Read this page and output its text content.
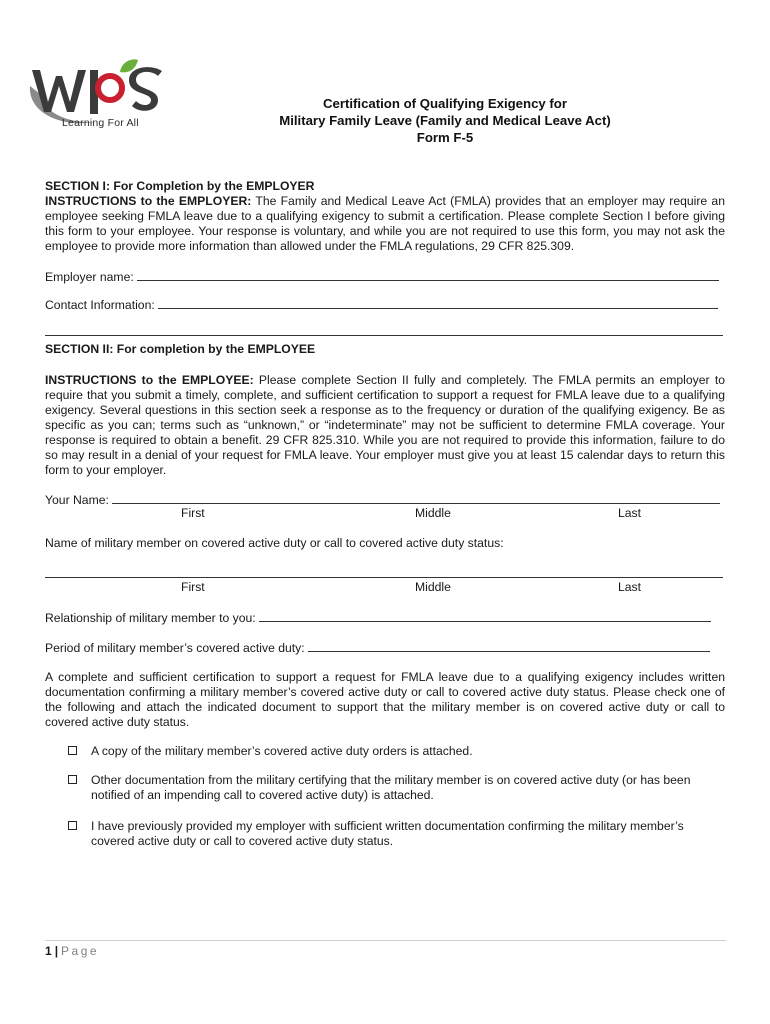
Learning For All
Certification of Qualifying Exigency for
Military Family Leave (Family and Medical Leave Act)
Form F-5

SECTION I: For Completion by the EMPLOYER

INSTRUCTIONS to the EMPLOYER: The Family and Medical Leave Act (FMLA) provides that an employer may require an employee seeking FMLA leave due to a qualifying exigency to submit a certification. Please complete Section I before giving this form to your employee. Your response is voluntary, and while you are not required to use this form, you may not ask the employee to provide more information than allowed under the FMLA regulations, 29 CFR 825.309.

Employer name:
Contact Information:

SECTION II: For completion by the EMPLOYEE

INSTRUCTIONS to the EMPLOYEE: Please complete Section II fully and completely. The FMLA permits an employer to require that you submit a timely, complete, and sufficient certification to support a request for FMLA leave due to a qualifying exigency. Several questions in this section seek a response as to the frequency or duration of the qualifying exigency. Be as specific as you can; terms such as “unknown,” or “indeterminate” may not be sufficient to determine FMLA coverage. Your response is required to obtain a benefit. 29 CFR 825.310. While you are not required to provide this information, failure to do so may result in a denial of your request for FMLA leave. Your employer must give you at least 15 calendar days to return this form to your employer.

Your Name:
First	Middle	Last
Name of military member on covered active duty or call to covered active duty status:
First	Middle	Last
Relationship of military member to you:
Period of military member’s covered active duty:

A complete and sufficient certification to support a request for FMLA leave due to a qualifying exigency includes written documentation confirming a military member’s covered active duty or call to covered active duty status. Please check one of the following and attach the indicated document to support that the military member is on covered active duty or call to covered active duty status.

A copy of the military member’s covered active duty orders is attached.
Other documentation from the military certifying that the military member is on covered active duty (or has been notified of an impending call to covered active duty) is attached.
I have previously provided my employer with sufficient written documentation confirming the military member’s covered active duty or call to covered active duty status.
1 | Page
